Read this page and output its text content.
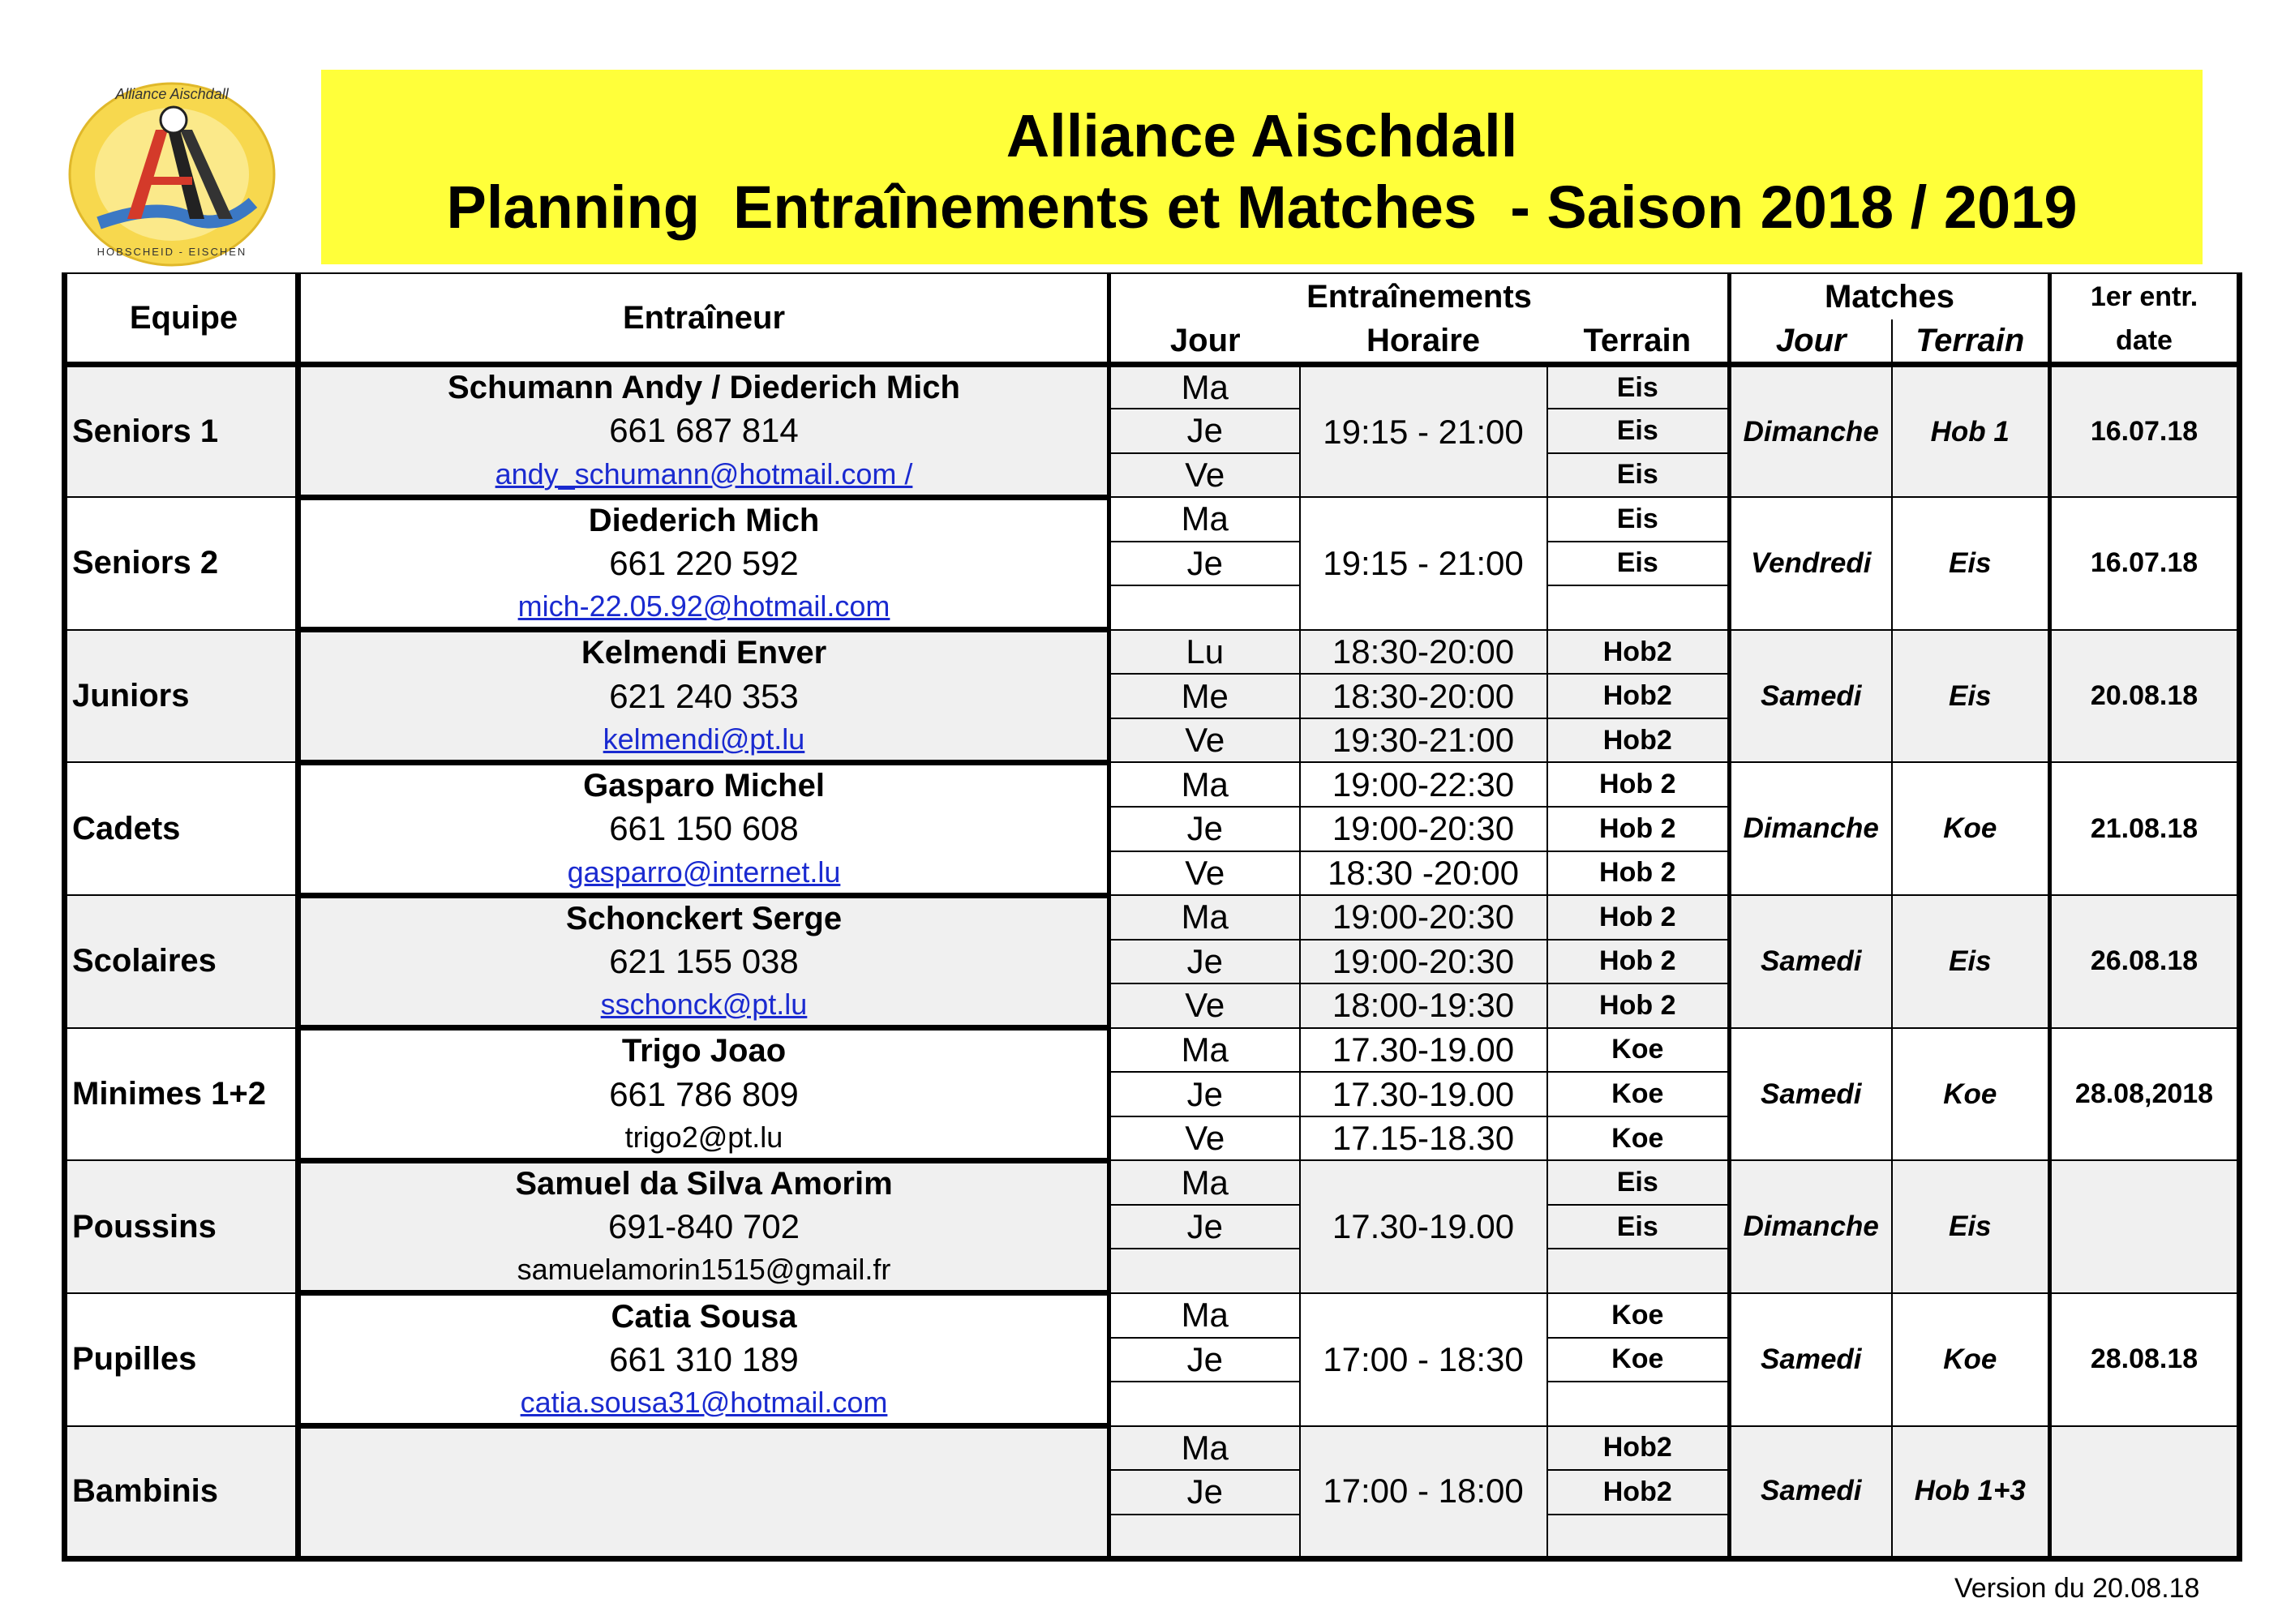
Alliance Aischdall
HOBSCHEID - EISCHEN
Alliance Aischdall
Planning  Entraînements et Matches  - Saison 2018 / 2019
Equipe	Entraîneur	Entraînements			Matches		1er entr.
		Jour	Horaire	Terrain	Jour	Terrain	date
Seniors 1	Schumann Andy / Diederich Mich	Ma	19:15 - 21:00	Eis	Dimanche	Hob 1	16.07.18
	661 687 814	Je		Eis			
	andy_schumann@hotmail.com /	Ve		Eis			
Seniors 2	Diederich Mich	Ma	19:15 - 21:00	Eis	Vendredi	Eis	16.07.18
	661 220 592	Je		Eis			
	mich-22.05.92@hotmail.com						
Juniors	Kelmendi Enver	Lu	18:30-20:00	Hob2	Samedi	Eis	20.08.18
	621 240 353	Me	18:30-20:00	Hob2			
	kelmendi@pt.lu	Ve	19:30-21:00	Hob2			
Cadets	Gasparo Michel	Ma	19:00-22:30	Hob 2	Dimanche	Koe	21.08.18
	661 150 608	Je	19:00-20:30	Hob 2			
	gasparro@internet.lu	Ve	18:30 -20:00	Hob 2			
Scolaires	Schonckert Serge	Ma	19:00-20:30	Hob 2	Samedi	Eis	26.08.18
	621 155 038	Je	19:00-20:30	Hob 2			
	sschonck@pt.lu	Ve	18:00-19:30	Hob 2			
Minimes 1+2	Trigo Joao	Ma	17.30-19.00	Koe	Samedi	Koe	28.08,2018
	661 786 809	Je	17.30-19.00	Koe			
	trigo2@pt.lu	Ve	17.15-18.30	Koe			
Poussins	Samuel da Silva Amorim	Ma	17.30-19.00	Eis	Dimanche	Eis	
	691-840 702	Je		Eis			
	samuelamorin1515@gmail.fr						
Pupilles	Catia Sousa	Ma	17:00 - 18:30	Koe	Samedi	Koe	28.08.18
	661 310 189	Je		Koe			
	catia.sousa31@hotmail.com						
Bambinis		Ma	17:00 - 18:00	Hob2	Samedi	Hob 1+3	
		Je		Hob2			

Version du 20.08.18
